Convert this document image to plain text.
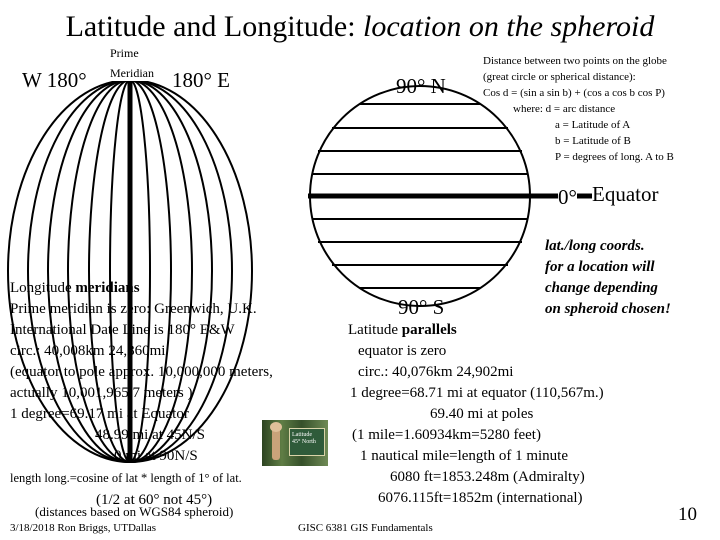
Latitude and Longitude: location on the spheroid
W 180°
Prime
Meridian 180° E	90° N
0° Equator
90° S
Distance between two points on the globe
(great circle or spherical distance):
Cos d = (sin a sin b) + (cos a cos b cos P)
where: d = arc distance
a = Latitude of A
b = Latitude of B
P = degrees of long. A to B
lat./long coords.
for a location will
change depending
on spheroid chosen!
Longitude meridians
Prime meridian is zero: Greenwich, U.K.
International Date Line is 180° E&W
circ.: 40,008km 24,860mi
(equator to pole approx. 10,000,000 meters,
actually 10,001,965.7 meters )
1 degree=69.17 mi at Equator
48.99 mi at 45N/S
0 mi at 90N/S
length long.=cosine of lat * length of 1° of lat.
(1/2 at 60° not 45°)
(distances based on WGS84 spheroid)
Latitude
45° North
Latitude parallels
equator is zero
circ.: 40,076km 24,902mi
1 degree=68.71 mi at equator (110,567m.)
69.40 mi at poles
(1 mile=1.60934km=5280 feet)
1 nautical mile=length of 1 minute
6080 ft=1853.248m (Admiralty)
6076.115ft=1852m (international)
3/18/2018 Ron Briggs, UTDallas	GISC 6381 GIS Fundamentals
10
